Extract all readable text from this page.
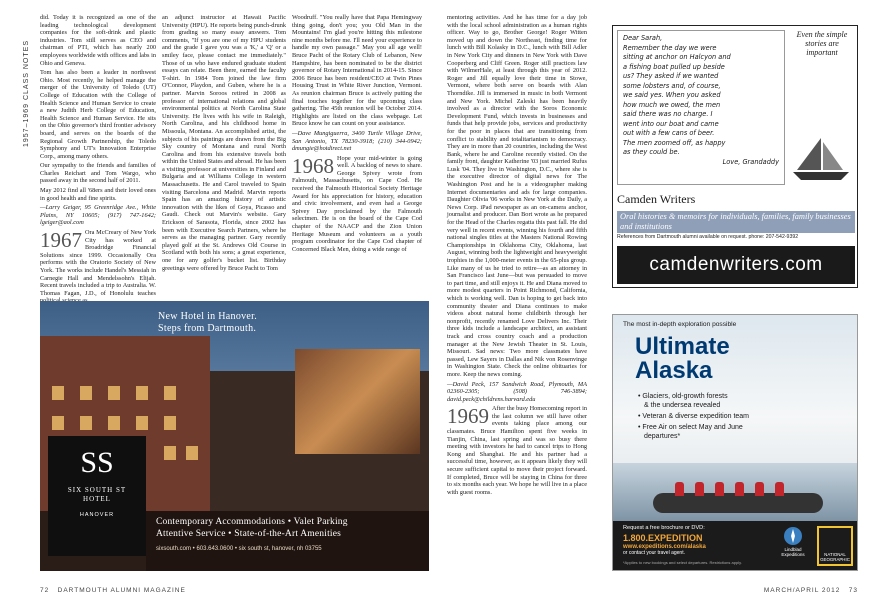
1957–1969 CLASS NOTES

did. Today it is recognized as one of the leading technological development companies for the soft-drink and plastic industries. Tom still serves as CEO and chairman of PTI, which has nearly 200 employees worldwide with offices and labs in Ohio and Geneva.

Tom has also been a leader in northwest Ohio. Most recently, he helped manage the merger of the University of Toledo (UT) College of Education with the College of Health Science and Human Service to create a new Judith Herb College of Education, Health Science and Human Service. He sits on the Ohio governor's third frontier advisory board, and serves on the boards of the Regional Growth Partnership, the Toledo Symphony and UT's Innovation Enterprise Corp., among many others.

Our sympathy to the friends and families of Charles Reichart and Tom Wargo, who passed away in the second half of 2011.

May 2012 find all '68ers and their loved ones in good health and fine spirits.

—Larry Geiger, 95 Greenridge Ave., White Plains, NY 10605; (917) 747-1642; lgeiger@aol.com

1967 Ora McCreary of New York City has worked at Broadridge Financial Solutions since 1999. Occasionally Ora performs with the Oratorio Society of New York. The works include Handel's Messiah in Carnegie Hall and Mendelssohn's Elijah. Recent travels included a trip to Australia. W. Thomas Fagan, J.D., of Honolulu teaches

an adjunct instructor at Hawaii Pacific University (HPU). He reports being punch-drunk from grading so many essay answers. Tom comments, "If you are one of my HPU students and the grade I gave you was a 'K,' a 'Q' or a smiley face, please contact me immediately." Those of us who have endured graduate student essays can relate. Been there, earned the faculty T-shirt. In 1984 Tom joined the law firm O'Connor, Playdon, and Guben, where he is a partner. Marvin Soroos retired in 2008 as professor of international relations and global environmental politics at North Carolina State University. He lives with his wife in Raleigh, North Carolina, and his childhood home in Missoula, Montana. An accomplished artist, the subjects of his paintings are drawn from the Big Sky country of Montana and rural North Carolina and from his extensive travels both within the United States and abroad. He has been a visiting professor at universities in Finland and Bulgaria and at Williams College in western Massachusetts. He and Carol traveled to Spain visiting Barcelona and Madrid. Marvin reports Spain has an amazing history of artistic innovation with the likes of Goya, Picasso and Gaudi. Check out Marvin's website. Gary Erickson of Sarasota, Florida, since 2002 has been with Executive Search Partners, where he serves as the managing partner. Gary recently played golf at the St. Andrews Old Course in Scotland with both his sons; a great experience, one for any golfer's bucket list. Birthday greetings were offered by Bruce Pacht to Tom

Woodruff. "You really have that Papa Hemingway thing going, don't you; you Old Man in the Mountains! I'm glad you're hitting this milestone nine months before me. I'll need your experience to handle my own passage." May you all age well! Bruce Pacht of the Rotary Club of Lebanon, New Hampshire, has been nominated to be the district governor of Rotary International in 2014-15. Since 2006 Bruce has been resident/CEO at Twin Pines Housing Trust in White River Junction, Vermont. As reunion chairman Bruce is actively putting the final touches together for the upcoming class gathering. The 45th reunion will be October 2014. Highlights are listed on the class webpage. Let Bruce know he can count on your assistance.

—Dave Mungiguerra, 3400 Turtle Village Drive, San Antonio, TX 78230-3918; (210) 344-0942; dmungie@hotdirect.net

1968 Hope your mid-winter is going well. A backlog of news to share. George Spivey wrote from Falmouth, Massachusetts, on Cape Cod. He received the Falmouth Historical Society Heritage Award for his appreciation for history, education and civic involvement, and even had a George Spivey Day proclaimed by the Falmouth selectmen. He is on the board of the Cape Cod chapter of the NAACP and the Zion Union Heritage Museum and volunteers as a youth program coordinator for the Cape Cod chapter of Concerned Black Men, doing a wide range of

mentoring activities. And he has time for a day job with the local school administration as a human rights officer. Way to go, Brother George! Roger Witten moved up and down the Northeast, finding time for lunch with Bill Kolasky in D.C., lunch with Bill Adler in New York City and dinners in New York with Dave Cooperberg and Cliff Green. Roger still practices law with WilmerHale, at least through this year of 2012. Roger and Jill equally love their time in Stowe, Vermont, where both serve on boards with Alan Thorndike. Jill is immersed in music in both Vermont and New York. Michel Zaleski has been heavily involved as a director with the Soros Economic Development Fund, which invests in businesses and funds that help provide jobs, services and productivity for the poor in places that are transitioning from conflict to stability and totalitarianism to democracy. They are in more than 20 countries, including the West Bank, where he and Caroline recently visited. On the family front, daughter Katherine '03 just married Rufus Lusk '04. They live in Washington, D.C., where she is the executive director of digital news for The Washington Post and he is a videographer making Internet documentaries and ads for large companies. Daughter Olivia '06 works in New York at the Daily, a News Corp. iPad newspaper as an on-camera anchor, journalist and producer. Dan Bort wrote as he prepared for the Head of the Charles regatta this past fall. He did very well in recent events, winning his fourth and fifth national singles titles at the Masters National Rowing Championships in Oklahoma City, Oklahoma, last August, winning both the lightweight and heavyweight trophies in the 1,000-meter events in the 65-plus group. Like many of us he tried to retire—as an attorney in San Francisco last June—but was persuaded to move to part time, and still enjoys it. He and Diana moved to more modest quarters in Point Richmond, California, which is working well. Dan is hoping to get back into community theater and Diana continues to make videos about natural home childbirth through her nonprofit, recently renamed Love Delivers Inc. Their three kids include a landscape architect, an assistant track and cross country coach and a production manager at the New Jewish Theater in St. Louis, Missouri. Sad news: Two more classmates have passed, Lew Sayers in Dallas and Nik von Rosenvinge in Washington State. Check the online obituaries for more. Keep the news coming.

—David Peck, 157 Sandwich Road, Plymouth, MA 02360-2305; (508) 746-3894; david.peck@childrens.harvard.edu

1969 After the busy Homecoming report in the last column we still have other events taking place among our classmates. Bruce Hamilton spent five weeks in Tianjin, China, last spring and was so busy there meeting with investors he had to cancel trips to Hong Kong and Shanghai. He and his partner had a successful time, however, as it appears likely they will secure sufficient capital to move their project forward. If completed, Bruce will be staying in China for three to six months each year. We hope he will live in a place with guest rooms.

New Hotel in Hanover.
Steps from Dartmouth.
SS
SIX SOUTH ST
HOTEL
HANOVER
Contemporary Accommodations • Valet Parking
Attentive Service • State-of-the-Art Amenities
sixsouth.com • 603.643.0600 • six south st, hanover, nh 03755
Dear Sarah,
Remember the day we were
sitting at anchor on Halcyon and
a fishing boat pulled up beside
us? They asked if we wanted
some lobsters and, of course,
we said yes. When you asked
how much we owed, the men
said there was no charge. I
went into our boat and came
out with a few cans of beer.
The men zoomed off, as happy
as they could be.
Love, Grandaddy
Even the simple stories are important
Camden Writers
Oral histories & memoirs for individuals, families, family businesses and institutions
References from Dartmouth alumni available on request. phone: 207-542-9392
camdenwriters.com
The most in-depth exploration possible
Ultimate
Alaska
• Glaciers, old-growth forests
& the undersea revealed
• Veteran & diverse expedition team
• Free Air on select May and June
departures*
Request a free brochure or DVD:
1.800.EXPEDITION
www.expeditions.com/alaska
or contact your travel agent.
*Applies to new bookings and select departures. Restrictions apply.
Lindblad Expeditions	NATIONAL GEOGRAPHIC
72 DARTMOUTH ALUMNI MAGAZINE	MARCH/APRIL 2012 73
